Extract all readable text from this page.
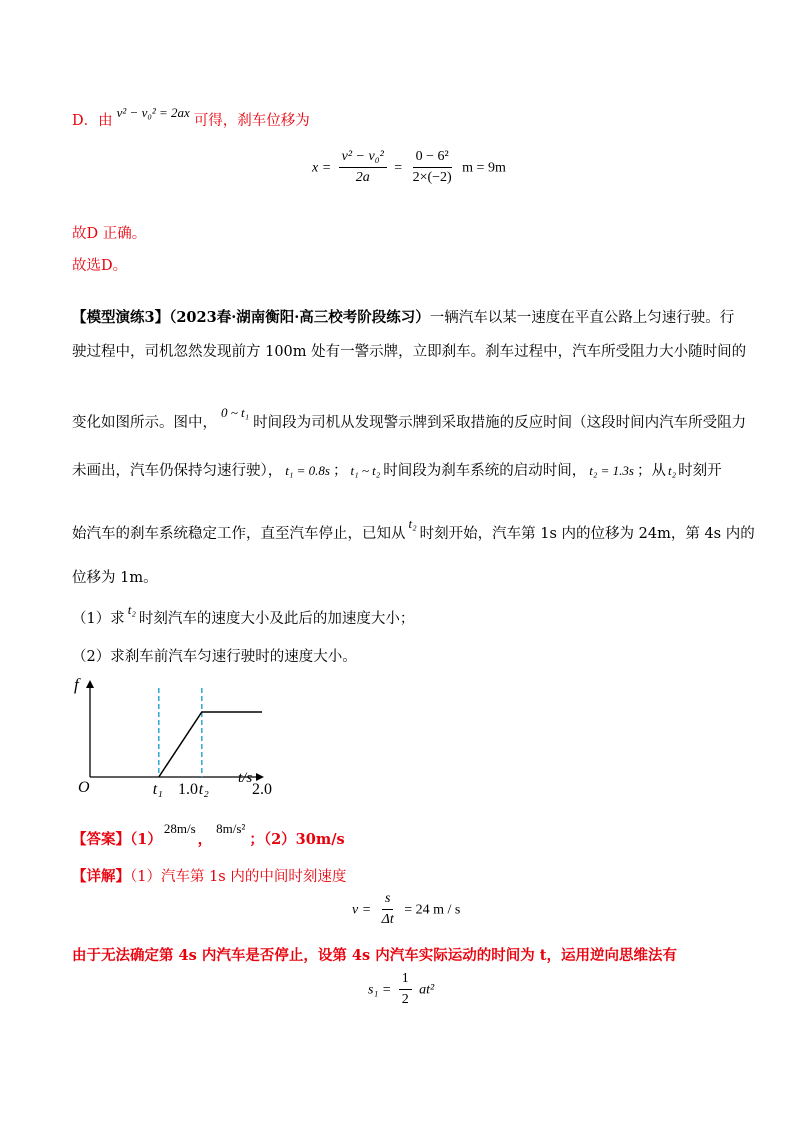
D．由v² − v₀² = 2ax可得，刹车位移为
$x = \frac{\text{v² − v₀²}}{2a} = \frac{\text{0 − 6²}}{2\times(-2)}$ m = 9m
故D 正确。
故选D。
【模型演练3】（2023春·湖南衡阳·高三校考阶段练习）一辆汽车以某一速度在平直公路上匀速行驶。行
驶过程中，司机忽然发现前方 100m 处有一警示牌，立即刹车。刹车过程中，汽车所受阻力大小随时间的
变化如图所示。图中，0 ~ t₁时间段为司机从发现警示牌到采取措施的反应时间（这段时间内汽车所受阻力
未画出，汽车仍保持匀速行驶）， t₁ = 0.8s ； t₁ ~ t₂ 时间段为刹车系统的启动时间， t₂ = 1.3s ；从 t₂ 时刻开
始汽车的刹车系统稳定工作，直至汽车停止，已知从t₂时刻开始，汽车第 1s 内的位移为 24m，第 4s 内的
位移为 1m。
（1）求t₂时刻汽车的速度大小及此后的加速度大小；
（2）求刹车前汽车匀速行驶时的速度大小。
f
O
t/s
t₁ 1.0 t₂	2.0
【答案】（1）28m/s，8m/s²；（2）30m/s
【详解】（1）汽车第 1s 内的中间时刻速度
$v = \frac{s}{\Delta t} = 24$ m / s
由于无法确定第 4s 内汽车是否停止，设第 4s 内汽车实际运动的时间为 t，运用逆向思维法有
$s_1 = \frac{1}{2} at^2$
